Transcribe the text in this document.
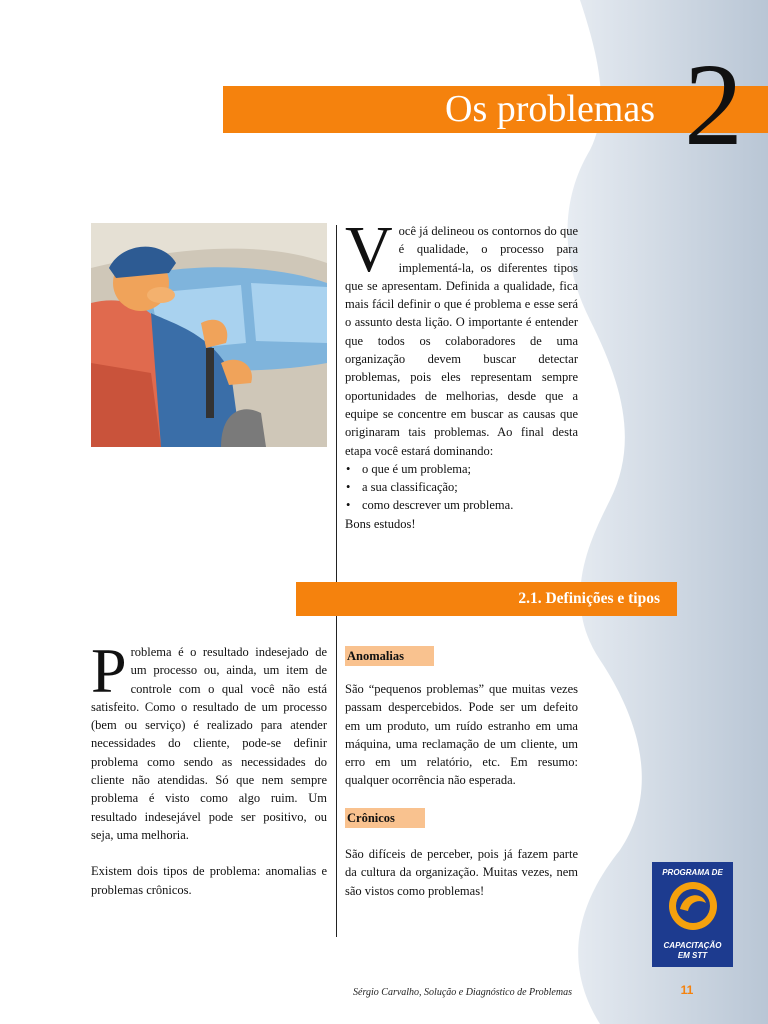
Os problemas 2

V ocê já delineou os contornos do que é qualidade, o processo para implementá-la, os diferentes tipos que se apresentam. Definida a qualidade, fica mais fácil definir o que é problema e esse será o assunto desta lição. O importante é entender que todos os colaboradores de uma organização devem buscar detectar problemas, pois eles representam sempre oportunidades de melhorias, desde que a equipe se concentre em buscar as causas que originaram tais problemas. Ao final desta etapa você estará dominando:

• o que é um problema;
• a sua classificação;
• como descrever um problema.

Bons estudos!

2.1. Definições e tipos

P roblema é o resultado indesejado de um processo ou, ainda, um item de controle com o qual você não está satisfeito. Como o resultado de um processo (bem ou serviço) é realizado para atender necessidades do cliente, pode-se definir problema como sendo as necessidades do cliente não atendidas. Só que nem sempre problema é visto como algo ruim. Um resultado indesejável pode ser positivo, ou seja, uma melhoria.

Existem dois tipos de problema: anomalias e problemas crônicos.

Anomalias

São “pequenos problemas” que muitas vezes passam despercebidos. Pode ser um defeito em um produto, um ruído estranho em uma máquina, uma reclamação de um cliente, um erro em um relatório, etc. Em resumo: qualquer ocorrência não esperada.

Crônicos

São difíceis de perceber, pois já fazem parte da cultura da organização. Muitas vezes, nem são vistos como problemas!

PROGRAMA DE
CAPACITAÇÃO
EM STT
Sérgio Carvalho, Solução e Diagnóstico de Problemas	11
